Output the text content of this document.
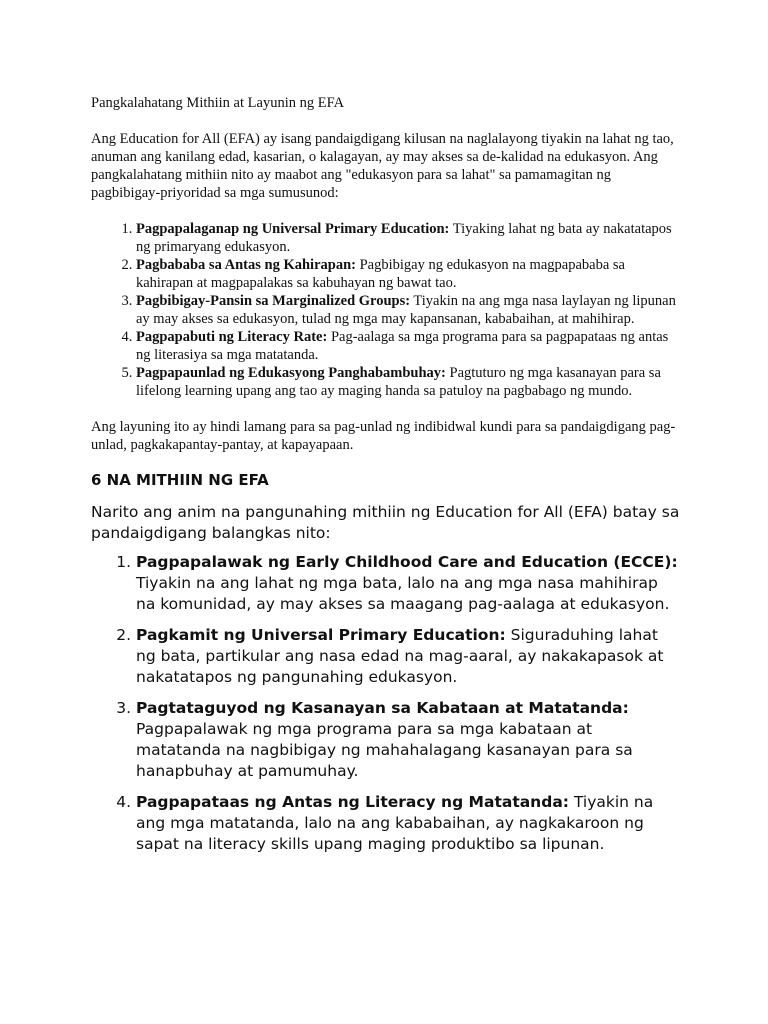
Pangkalahatang Mithiin at Layunin ng EFA

Ang Education for All (EFA) ay isang pandaigdigang kilusan na naglalayong tiyakin na lahat ng tao, anuman ang kanilang edad, kasarian, o kalagayan, ay may akses sa de-kalidad na edukasyon. Ang pangkalahatang mithiin nito ay maabot ang "edukasyon para sa lahat" sa pamamagitan ng pagbibigay-priyoridad sa mga sumusunod:

1. Pagpapalaganap ng Universal Primary Education: Tiyaking lahat ng bata ay nakatatapos ng primaryang edukasyon.
2. Pagbababa sa Antas ng Kahirapan: Pagbibigay ng edukasyon na magpapababa sa kahirapan at magpapalakas sa kabuhayan ng bawat tao.
3. Pagbibigay-Pansin sa Marginalized Groups: Tiyakin na ang mga nasa laylayan ng lipunan ay may akses sa edukasyon, tulad ng mga may kapansanan, kababaihan, at mahihirap.
4. Pagpapabuti ng Literacy Rate: Pag-aalaga sa mga programa para sa pagpapataas ng antas ng literasiya sa mga matatanda.
5. Pagpapaunlad ng Edukasyong Panghabambuhay: Pagtuturo ng mga kasanayan para sa lifelong learning upang ang tao ay maging handa sa patuloy na pagbabago ng mundo.

Ang layuning ito ay hindi lamang para sa pag-unlad ng indibidwal kundi para sa pandaigdigang pag-unlad, pagkakapantay-pantay, at kapayapaan.

6 NA MITHIIN NG EFA

Narito ang anim na pangunahing mithiin ng Education for All (EFA) batay sa pandaigdigang balangkas nito:

1. Pagpapalawak ng Early Childhood Care and Education (ECCE): Tiyakin na ang lahat ng mga bata, lalo na ang mga nasa mahihirap na komunidad, ay may akses sa maagang pag-aalaga at edukasyon.
2. Pagkamit ng Universal Primary Education: Siguraduhing lahat ng bata, partikular ang nasa edad na mag-aaral, ay nakakapasok at nakatatapos ng pangunahing edukasyon.
3. Pagtataguyod ng Kasanayan sa Kabataan at Matatanda: Pagpapalawak ng mga programa para sa mga kabataan at matatanda na nagbibigay ng mahahalagang kasanayan para sa hanapbuhay at pamumuhay.
4. Pagpapataas ng Antas ng Literacy ng Matatanda: Tiyakin na ang mga matatanda, lalo na ang kababaihan, ay nagkakaroon ng sapat na literacy skills upang maging produktibo sa lipunan.
